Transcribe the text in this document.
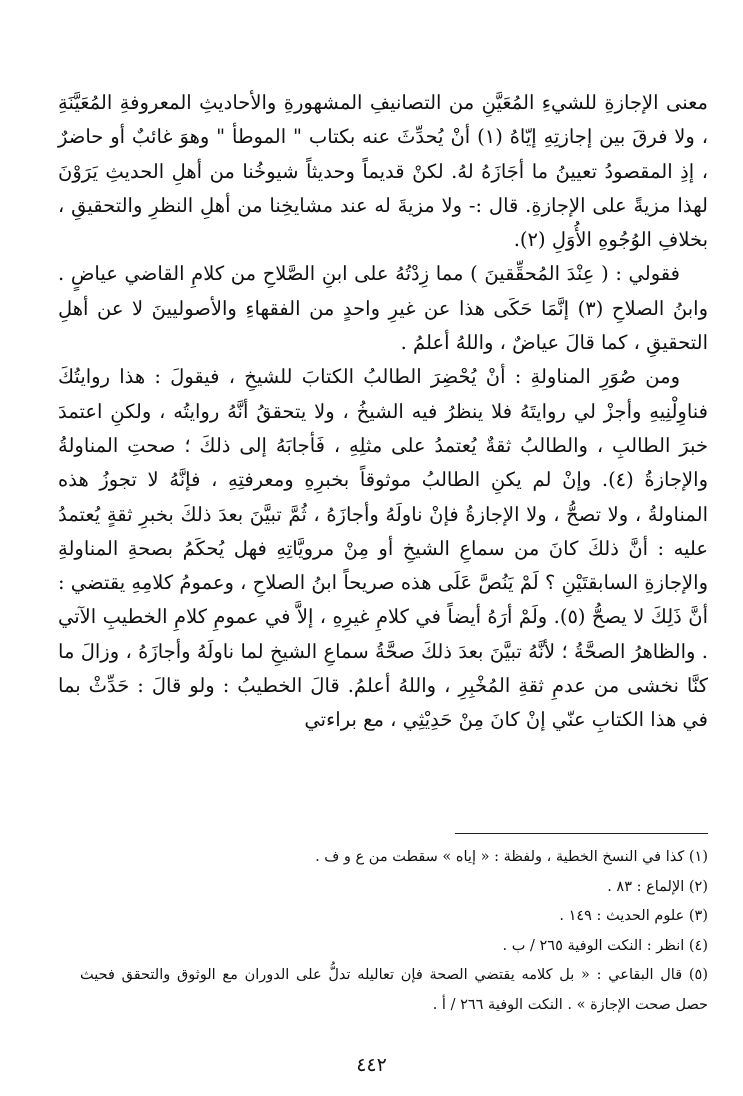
معنى الإجازةِ للشيءِ المُعَيَّنِ من التصانيفِ المشهورةِ والأحاديثِ المعروفةِ المُعَيَّنَةِ ، ولا فرقَ بين إجازتِهِ إيّاهُ (١) أنْ يُحدِّثَ عنه بكتاب " الموطأ " وهوَ غائبٌ أو حاضرٌ ، إذِ المقصودُ تعيينُ ما أجَازَهُ لهُ. لكنْ قديماً وحديثاً شيوخُنا من أهلِ الحديثِ يَرَوْنَ لهذا مزيةً على الإجازةِ. قال :- ولا مزيةَ له عند مشايخِنا من أهلِ النظرِ والتحقيقِ ، بخلافِ الوُجُوهِ الأُوَلِ (٢).

فقولي : ( عِنْدَ المُحقِّقينَ ) مما زِدْتُهُ على ابنِ الصَّلاحِ من كلامِ القاضي عياضٍ . وابنُ الصلاحِ (٣) إنَّمَا حَكَى هذا عن غيرِ واحدٍ من الفقهاءِ والأصوليينَ لا عن أهلِ التحقيقِ ، كما قالَ عياضٌ ، واللهُ أعلمُ .

ومن صُوَرِ المناولةِ : أنْ يُحْضِرَ الطالبُ الكتابَ للشيخِ ، فيقولَ : هذا روايتُكَ فناوِلْنِيهِ وأجزْ لي روايتَهُ فلا ينظرُ فيه الشيخُ ، ولا يتحققُ أنَّهُ روايتُه ، ولكنِ اعتمدَ خبرَ الطالبِ ، والطالبُ ثقةٌ يُعتمدُ على مثلِهِ ، فَأجابَهُ إلى ذلكَ ؛ صحتِ المناولةُ والإجازةُ (٤). وإنْ لم يكنِ الطالبُ موثوقاً بخبرِهِ ومعرفتِهِ ، فإنَّهُ لا تجوزُ هذه المناولةُ ، ولا تصحُّ ، ولا الإجازةُ فإنْ ناولَهُ وأجازَهُ ، ثُمَّ تبيَّنَ بعدَ ذلكَ بخبرِ ثقةٍ يُعتمدُ عليه : أنَّ ذلكَ كانَ من سماعِ الشيخِ أو مِنْ مرويَّاتِهِ فهل يُحكَمُ بصحةِ المناولةِ والإجازةِ السابقتَيْنِ ؟ لَمْ يَنُصَّ عَلَى هذه صريحاً ابنُ الصلاحِ ، وعمومُ كلامِهِ يقتضي : أنَّ ذَلِكَ لا يصحُّ (٥). ولَمْ أرَهُ أيضاً في كلامِ غيرِهِ ، إلاَّ في عمومِ كلامِ الخطيبِ الآتي . والظاهرُ الصحَّةُ ؛ لأنَّهُ تبيَّنَ بعدَ ذلكَ صحَّةُ سماعِ الشيخِ لما ناولَهُ وأجازَهُ ، وزالَ ما كنَّا نخشى من عدمِ ثقةِ المُخْبِرِ ، واللهُ أعلمُ. قالَ الخطيبُ : ولو قالَ : حَدِّثْ بما في هذا الكتابِ عنّي إنْ كانَ مِنْ حَدِيْثِي ، مع براءتي

(١) كذا في النسخ الخطية ، ولفظة : « إياه » سقطت من ع و ف .

(٢) الإلماع : ٨٣ .

(٣) علوم الحديث : ١٤٩ .

(٤) انظر : النكت الوفية ٢٦٥ / ب .

(٥) قال البقاعي : « بل كلامه يقتضي الصحة فإن تعاليله تدلُّ على الدوران مع الوثوق والتحقق فحيث حصل صحت الإجازة » . النكت الوفية ٢٦٦ / أ .

٤٤٢
